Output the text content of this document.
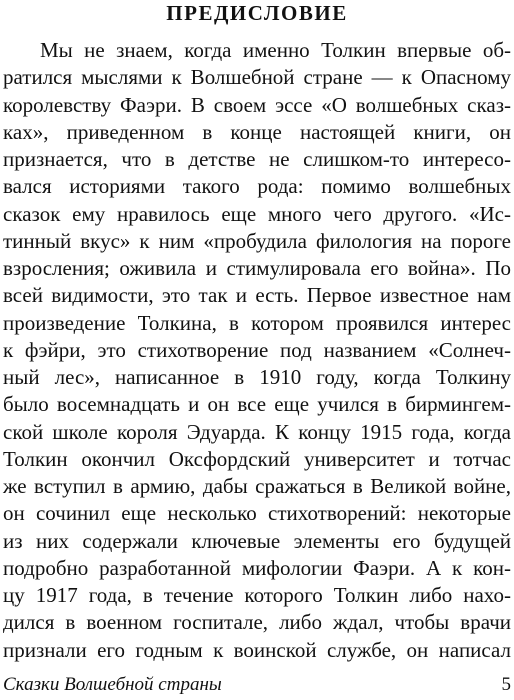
ПРЕДИСЛОВИЕ
Мы не знаем, когда именно Толкин впервые об-
ратился мыслями к Волшебной стране — к Опасному
королевству Фаэри. В своем эссе «О волшебных сказ-
ках», приведенном в конце настоящей книги, он
признается, что в детстве не слишком-то интересо-
вался историями такого рода: помимо волшебных
сказок ему нравилось еще много чего другого. «Ис-
тинный вкус» к ним «пробудила филология на пороге
взросления; оживила и стимулировала его война». По
всей видимости, это так и есть. Первое известное нам
произведение Толкина, в котором проявился интерес
к фэйри, это стихотворение под названием «Солнеч-
ный лес», написанное в 1910 году, когда Толкину
было восемнадцать и он все еще учился в бирмингем-
ской школе короля Эдуарда. К концу 1915 года, когда
Толкин окончил Оксфордский университет и тотчас
же вступил в армию, дабы сражаться в Великой войне,
он сочинил еще несколько стихотворений: некоторые
из них содержали ключевые элементы его будущей
подробно разработанной мифологии Фаэри. А к кон-
цу 1917 года, в течение которого Толкин либо нахо-
дился в военном госпитале, либо ждал, чтобы врачи
признали его годным к воинской службе, он написал
Сказки Волшебной страны	5
